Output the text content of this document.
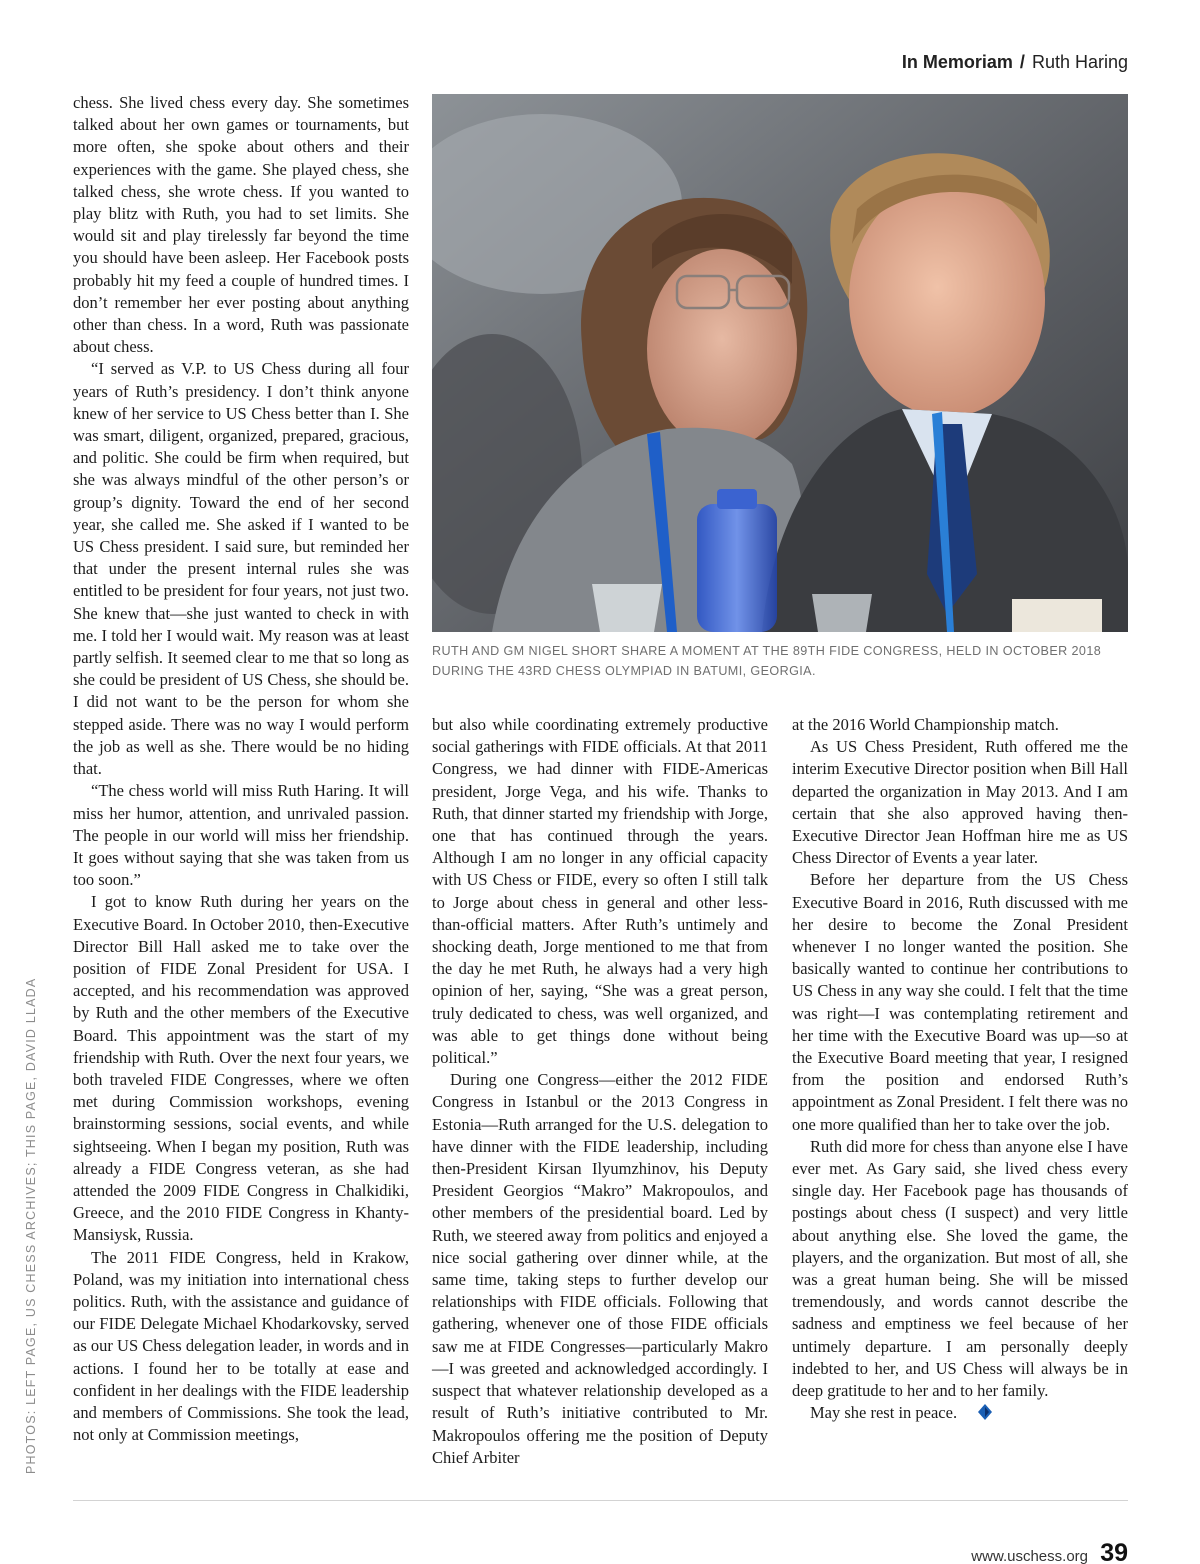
In Memoriam / Ruth Haring
PHOTOS: LEFT PAGE, US CHESS ARCHIVES; THIS PAGE, DAVID LLADA

chess. She lived chess every day. She sometimes talked about her own games or tournaments, but more often, she spoke about others and their experiences with the game. She played chess, she talked chess, she wrote chess. If you wanted to play blitz with Ruth, you had to set limits. She would sit and play tirelessly far beyond the time you should have been asleep. Her Facebook posts probably hit my feed a couple of hundred times. I don’t remember her ever posting about anything other than chess. In a word, Ruth was passionate about chess.

“I served as V.P. to US Chess during all four years of Ruth’s presidency. I don’t think anyone knew of her service to US Chess better than I. She was smart, diligent, organized, prepared, gracious, and politic. She could be firm when required, but she was always mindful of the other person’s or group’s dignity. Toward the end of her second year, she called me. She asked if I wanted to be US Chess president. I said sure, but reminded her that under the present internal rules she was entitled to be president for four years, not just two. She knew that—she just wanted to check in with me. I told her I would wait. My reason was at least partly selfish. It seemed clear to me that so long as she could be president of US Chess, she should be. I did not want to be the person for whom she stepped aside. There was no way I would perform the job as well as she. There would be no hiding that.

“The chess world will miss Ruth Haring. It will miss her humor, attention, and unrivaled passion. The people in our world will miss her friendship. It goes without saying that she was taken from us too soon.”

I got to know Ruth during her years on the Executive Board. In October 2010, then-Executive Director Bill Hall asked me to take over the position of FIDE Zonal President for USA. I accepted, and his recommendation was approved by Ruth and the other members of the Executive Board. This appointment was the start of my friendship with Ruth. Over the next four years, we both traveled FIDE Congresses, where we often met during Commission workshops, evening brainstorming sessions, social events, and while sightseeing. When I began my position, Ruth was already a FIDE Congress veteran, as she had attended the 2009 FIDE Congress in Chalkidiki, Greece, and the 2010 FIDE Congress in Khanty-Mansiysk, Russia.

The 2011 FIDE Congress, held in Krakow, Poland, was my initiation into international chess politics. Ruth, with the assistance and guidance of our FIDE Delegate Michael Khodarkovsky, served as our US Chess delegation leader, in words and in actions. I found her to be totally at ease and confident in her dealings with the FIDE leadership and members of Commissions. She took the lead, not only at Commission meetings,

RUTH AND GM NIGEL SHORT SHARE A MOMENT AT THE 89TH FIDE CONGRESS, HELD IN OCTOBER 2018 DURING THE 43RD CHESS OLYMPIAD IN BATUMI, GEORGIA.

but also while coordinating extremely productive social gatherings with FIDE officials. At that 2011 Congress, we had dinner with FIDE-Americas president, Jorge Vega, and his wife. Thanks to Ruth, that dinner started my friendship with Jorge, one that has continued through the years. Although I am no longer in any official capacity with US Chess or FIDE, every so often I still talk to Jorge about chess in general and other less-than-official matters. After Ruth’s untimely and shocking death, Jorge mentioned to me that from the day he met Ruth, he always had a very high opinion of her, saying, “She was a great person, truly dedicated to chess, was well organized, and was able to get things done without being political.”

During one Congress—either the 2012 FIDE Congress in Istanbul or the 2013 Congress in Estonia—Ruth arranged for the U.S. delegation to have dinner with the FIDE leadership, including then-President Kirsan Ilyumzhinov, his Deputy President Georgios “Makro” Makropoulos, and other members of the presidential board. Led by Ruth, we steered away from politics and enjoyed a nice social gathering over dinner while, at the same time, taking steps to further develop our relationships with FIDE officials. Following that gathering, whenever one of those FIDE officials saw me at FIDE Congresses—particularly Makro—I was greeted and acknowledged accordingly. I suspect that whatever relationship developed as a result of Ruth’s initiative contributed to Mr. Makropoulos offering me the position of Deputy Chief Arbiter

at the 2016 World Championship match.

As US Chess President, Ruth offered me the interim Executive Director position when Bill Hall departed the organization in May 2013. And I am certain that she also approved having then-Executive Director Jean Hoffman hire me as US Chess Director of Events a year later.

Before her departure from the US Chess Executive Board in 2016, Ruth discussed with me her desire to become the Zonal President whenever I no longer wanted the position. She basically wanted to continue her contributions to US Chess in any way she could. I felt that the time was right—I was contemplating retirement and her time with the Executive Board was up—so at the Executive Board meeting that year, I resigned from the position and endorsed Ruth’s appointment as Zonal President. I felt there was no one more qualified than her to take over the job.

Ruth did more for chess than anyone else I have ever met. As Gary said, she lived chess every single day. Her Facebook page has thousands of postings about chess (I suspect) and very little about anything else. She loved the game, the players, and the organization. But most of all, she was a great human being. She will be missed tremendously, and words cannot describe the sadness and emptiness we feel because of her untimely departure. I am personally deeply indebted to her, and US Chess will always be in deep gratitude to her and to her family.

May she rest in peace.

www.uschess.org 39
